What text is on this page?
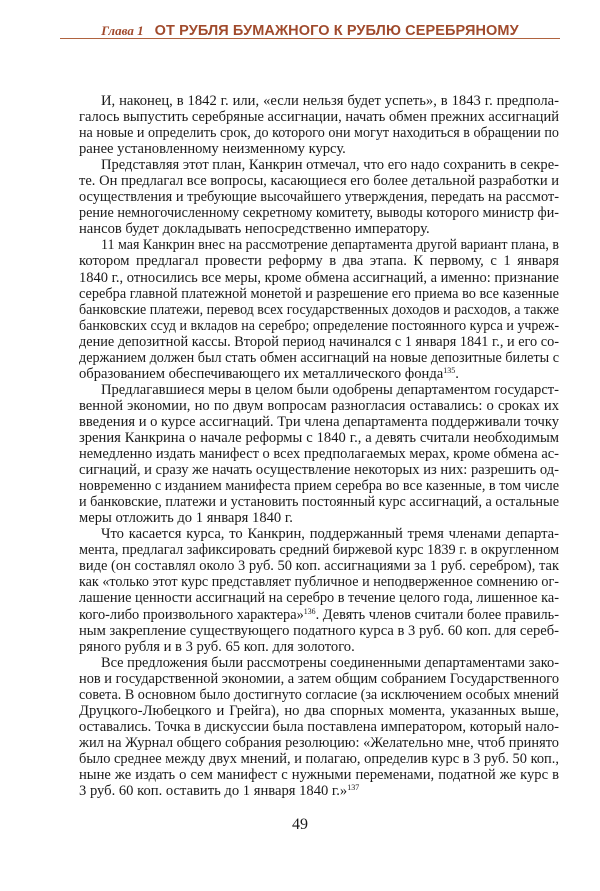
Глава 1 ОТ РУБЛЯ БУМАЖНОГО К РУБЛЮ СЕРЕБРЯНОМУ
И, наконец, в 1842 г. или, «если нельзя будет успеть», в 1843 г. предпола-
галось выпустить серебряные ассигнации, начать обмен прежних ассигнаций
на новые и определить срок, до которого они могут находиться в обращении по
ранее установленному неизменному курсу.
Представляя этот план, Канкрин отмечал, что его надо сохранить в секре-
те. Он предлагал все вопросы, касающиеся его более детальной разработки и
осуществления и требующие высочайшего утверждения, передать на рассмот-
рение немногочисленному секретному комитету, выводы которого министр фи-
нансов будет докладывать непосредственно императору.
11 мая Канкрин внес на рассмотрение департамента другой вариант плана, в
котором предлагал провести реформу в два этапа. К первому, с 1 января
1840 г., относились все меры, кроме обмена ассигнаций, а именно: признание
серебра главной платежной монетой и разрешение его приема во все казенные
банковские платежи, перевод всех государственных доходов и расходов, а также
банковских ссуд и вкладов на серебро; определение постоянного курса и учреж-
дение депозитной кассы. Второй период начинался с 1 января 1841 г., и его со-
держанием должен был стать обмен ассигнаций на новые депозитные билеты с
образованием обеспечивающего их металлического фонда$^{135}$.
Предлагавшиеся меры в целом были одобрены департаментом государст-
венной экономии, но по двум вопросам разногласия оставались: о сроках их
введения и о курсе ассигнаций. Три члена департамента поддерживали точку
зрения Канкрина о начале реформы с 1840 г., а девять считали необходимым
немедленно издать манифест о всех предполагаемых мерах, кроме обмена ас-
сигнаций, и сразу же начать осуществление некоторых из них: разрешить од-
новременно с изданием манифеста прием серебра во все казенные, в том числе
и банковские, платежи и установить постоянный курс ассигнаций, а остальные
меры отложить до 1 января 1840 г.
Что касается курса, то Канкрин, поддержанный тремя членами департа-
мента, предлагал зафиксировать средний биржевой курс 1839 г. в округленном
виде (он составлял около 3 руб. 50 коп. ассигнациями за 1 руб. серебром), так
как «только этот курс представляет публичное и неподверженное сомнению ог-
лашение ценности ассигнаций на серебро в течение целого года, лишенное ка-
кого-либо произвольного характера»$^{136}$. Девять членов считали более правиль-
ным закрепление существующего податного курса в 3 руб. 60 коп. для сереб-
ряного рубля и в 3 руб. 65 коп. для золотого.
Все предложения были рассмотрены соединенными департаментами зако-
нов и государственной экономии, а затем общим собранием Государственного
совета. В основном было достигнуто согласие (за исключением особых мнений
Друцкого-Любецкого и Грейга), но два спорных момента, указанных выше,
оставались. Точка в дискуссии была поставлена императором, который нало-
жил на Журнал общего собрания резолюцию: «Желательно мне, чтоб принято
было среднее между двух мнений, и полагаю, определив курс в 3 руб. 50 коп.,
ныне же издать о сем манифест с нужными переменами, податной же курс в
3 руб. 60 коп. оставить до 1 января 1840 г.»$^{137}$
49
